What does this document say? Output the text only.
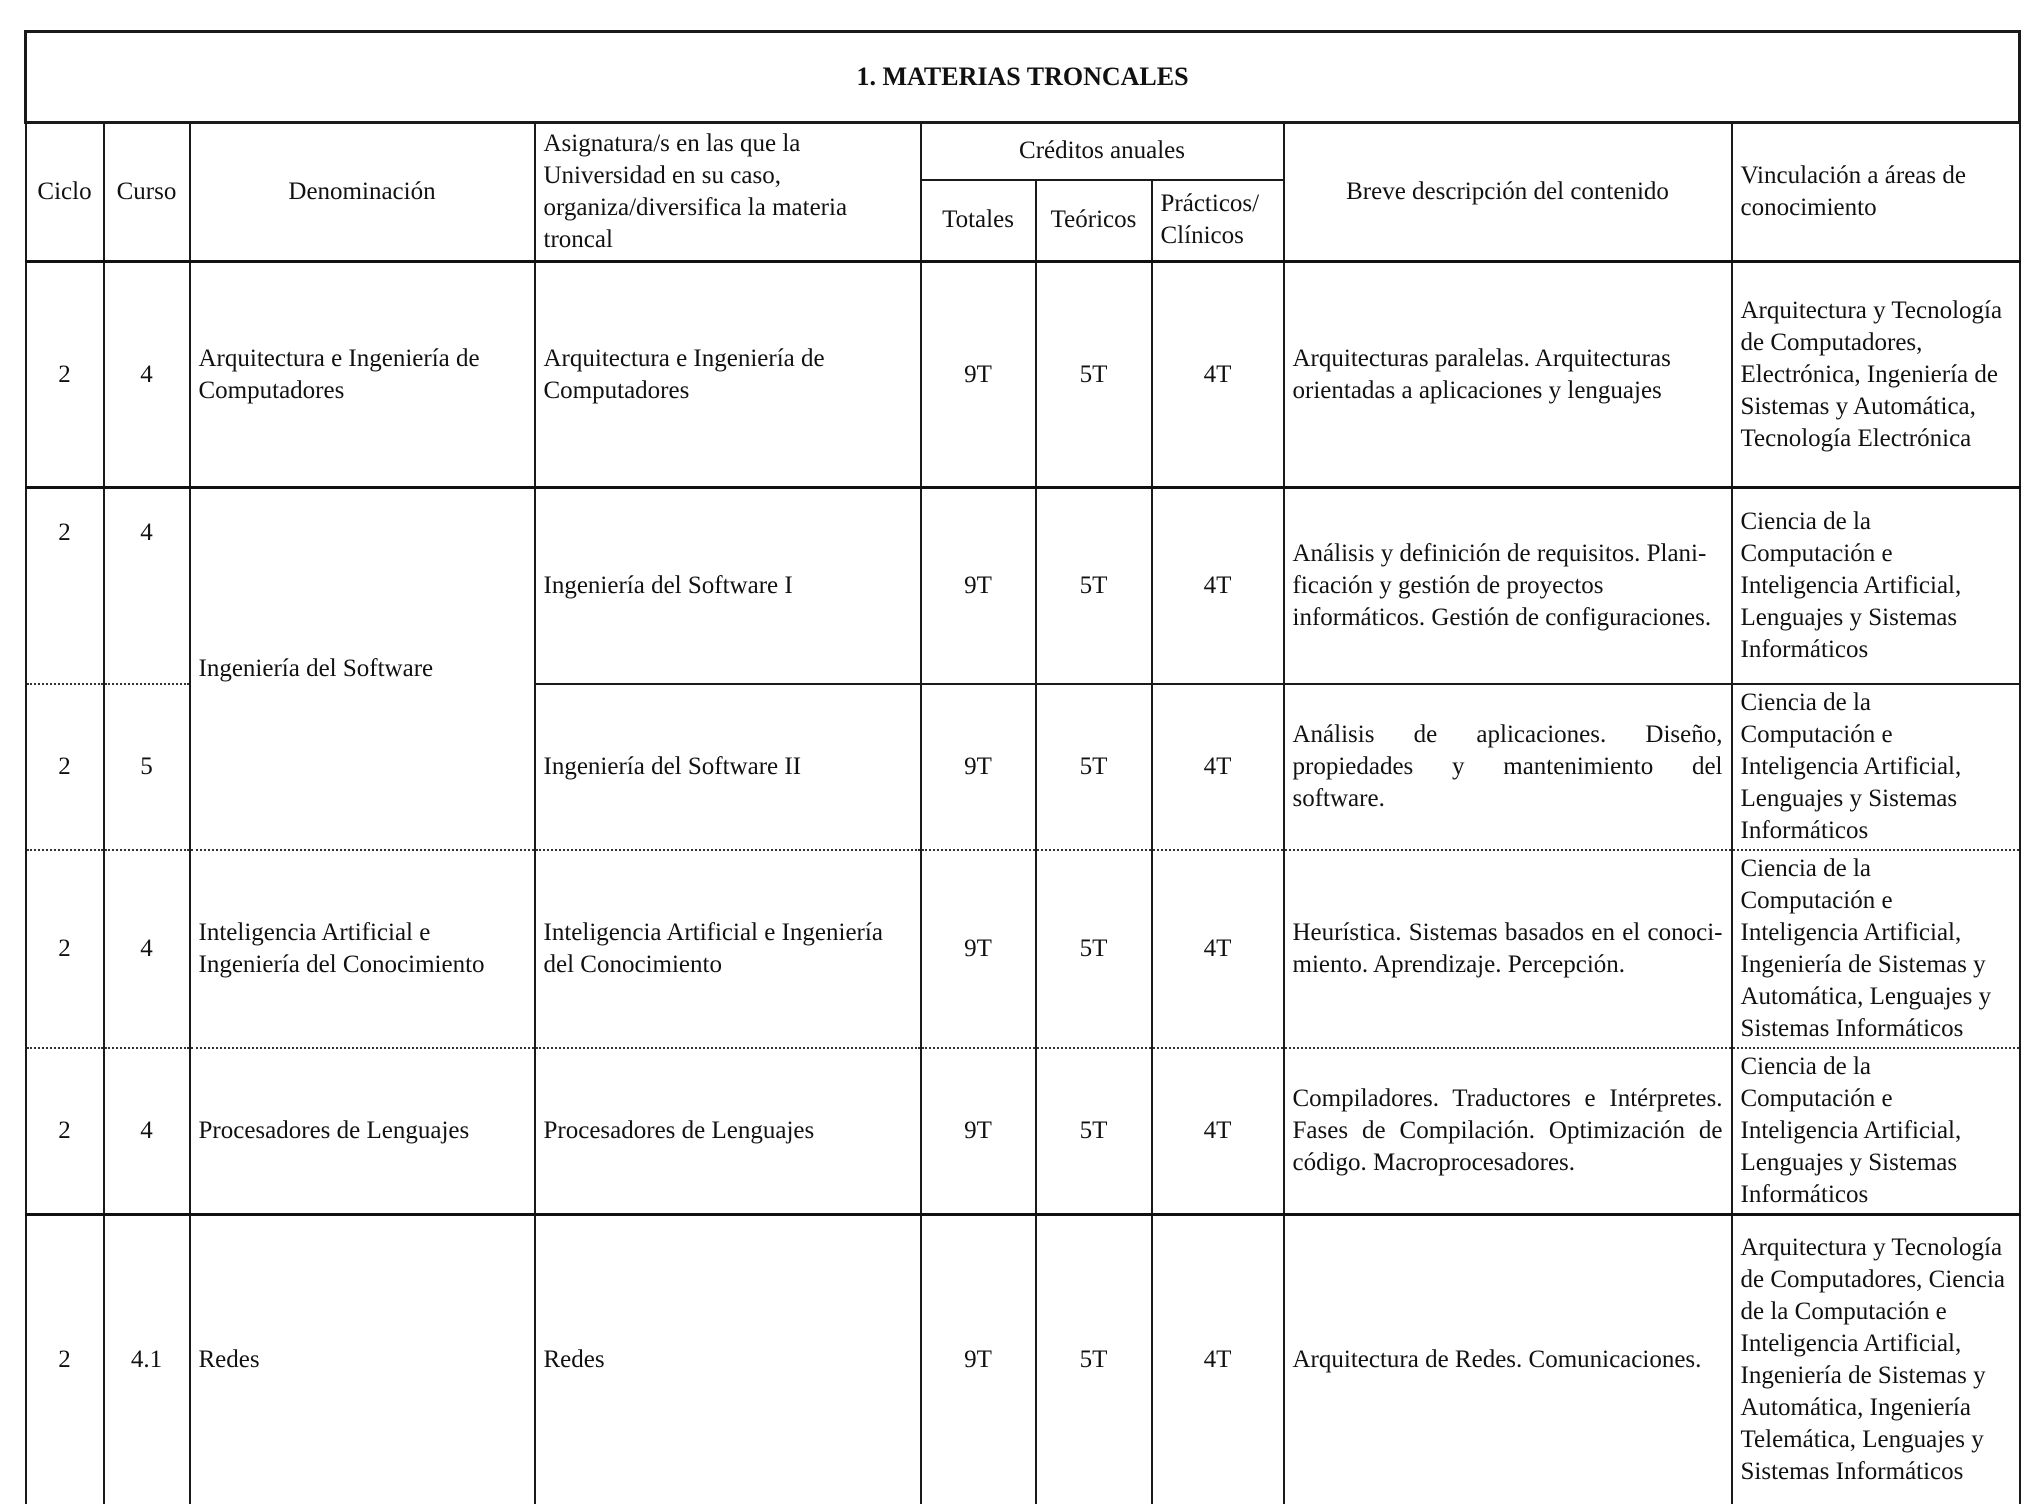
1. MATERIAS TRONCALES								
Ciclo	Curso	Denominación	Asignatura/s en las que la Universidad en su caso, organiza/diversifica la materia troncal	Créditos anuales			Breve descripción del contenido	Vinculación a áreas de conocimiento
				Totales	Teóricos	Prácticos/ Clínicos		
2	4	Arquitectura e Ingeniería de Computadores	Arquitectura e Ingeniería de Computadores	9T	5T	4T	Arquitecturas paralelas. Arquitecturas orientadas a aplicaciones y lenguajes	Arquitectura y Tecnología de Computadores, Electrónica, Ingeniería de Sistemas y Automática, Tecnología Electrónica
2	4	Ingeniería del Software	Ingeniería del Software I	9T	5T	4T	Análisis y definición de requisitos. Plani-ficación y gestión de proyectos informáticos. Gestión de configuraciones.	Ciencia de la Computación e Inteligencia Artificial, Lenguajes y Sistemas Informáticos
2	5		Ingeniería del Software II	9T	5T	4T	Análisis de aplicaciones. Diseño, propiedades y mantenimiento del software.	Ciencia de la Computación e Inteligencia Artificial, Lenguajes y Sistemas Informáticos
2	4	Inteligencia Artificial e Ingeniería del Conocimiento	Inteligencia Artificial e Ingeniería del Conocimiento	9T	5T	4T	Heurística. Sistemas basados en el conoci-miento. Aprendizaje. Percepción.	Ciencia de la Computación e Inteligencia Artificial, Ingeniería de Sistemas y Automática, Lenguajes y Sistemas Informáticos
2	4	Procesadores de Lenguajes	Procesadores de Lenguajes	9T	5T	4T	Compiladores. Traductores e Intérpretes. Fases de Compilación. Optimización de código. Macroprocesadores.	Ciencia de la Computación e Inteligencia Artificial, Lenguajes y Sistemas Informáticos
2	4.1	Redes	Redes	9T	5T	4T	Arquitectura de Redes. Comunicaciones.	Arquitectura y Tecnología de Computadores, Ciencia de la Computación e Inteligencia Artificial, Ingeniería de Sistemas y Automática, Ingeniería Telemática, Lenguajes y Sistemas Informáticos
